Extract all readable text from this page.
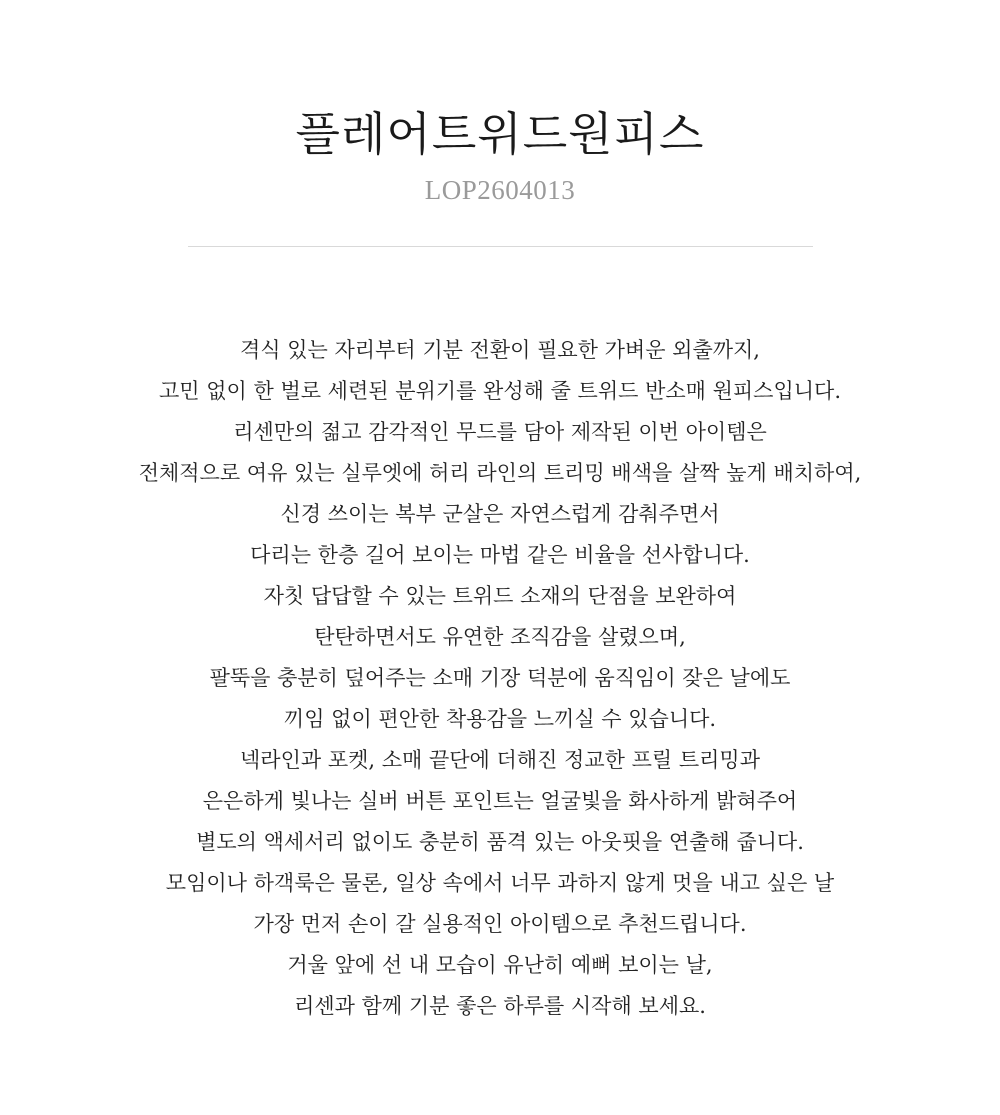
플레어트위드원피스
LOP2604013
격식 있는 자리부터 기분 전환이 필요한 가벼운 외출까지,
고민 없이 한 벌로 세련된 분위기를 완성해 줄 트위드 반소매 원피스입니다.
리센만의 젊고 감각적인 무드를 담아 제작된 이번 아이템은
전체적으로 여유 있는 실루엣에 허리 라인의 트리밍 배색을 살짝 높게 배치하여,
신경 쓰이는 복부 군살은 자연스럽게 감춰주면서
다리는 한층 길어 보이는 마법 같은 비율을 선사합니다.
자칫 답답할 수 있는 트위드 소재의 단점을 보완하여
탄탄하면서도 유연한 조직감을 살렸으며,
팔뚝을 충분히 덮어주는 소매 기장 덕분에 움직임이 잦은 날에도
끼임 없이 편안한 착용감을 느끼실 수 있습니다.
넥라인과 포켓, 소매 끝단에 더해진 정교한 프릴 트리밍과
은은하게 빛나는 실버 버튼 포인트는 얼굴빛을 화사하게 밝혀주어
별도의 액세서리 없이도 충분히 품격 있는 아웃핏을 연출해 줍니다.
모임이나 하객룩은 물론, 일상 속에서 너무 과하지 않게 멋을 내고 싶은 날
가장 먼저 손이 갈 실용적인 아이템으로 추천드립니다.
거울 앞에 선 내 모습이 유난히 예뻐 보이는 날,
리센과 함께 기분 좋은 하루를 시작해 보세요.
